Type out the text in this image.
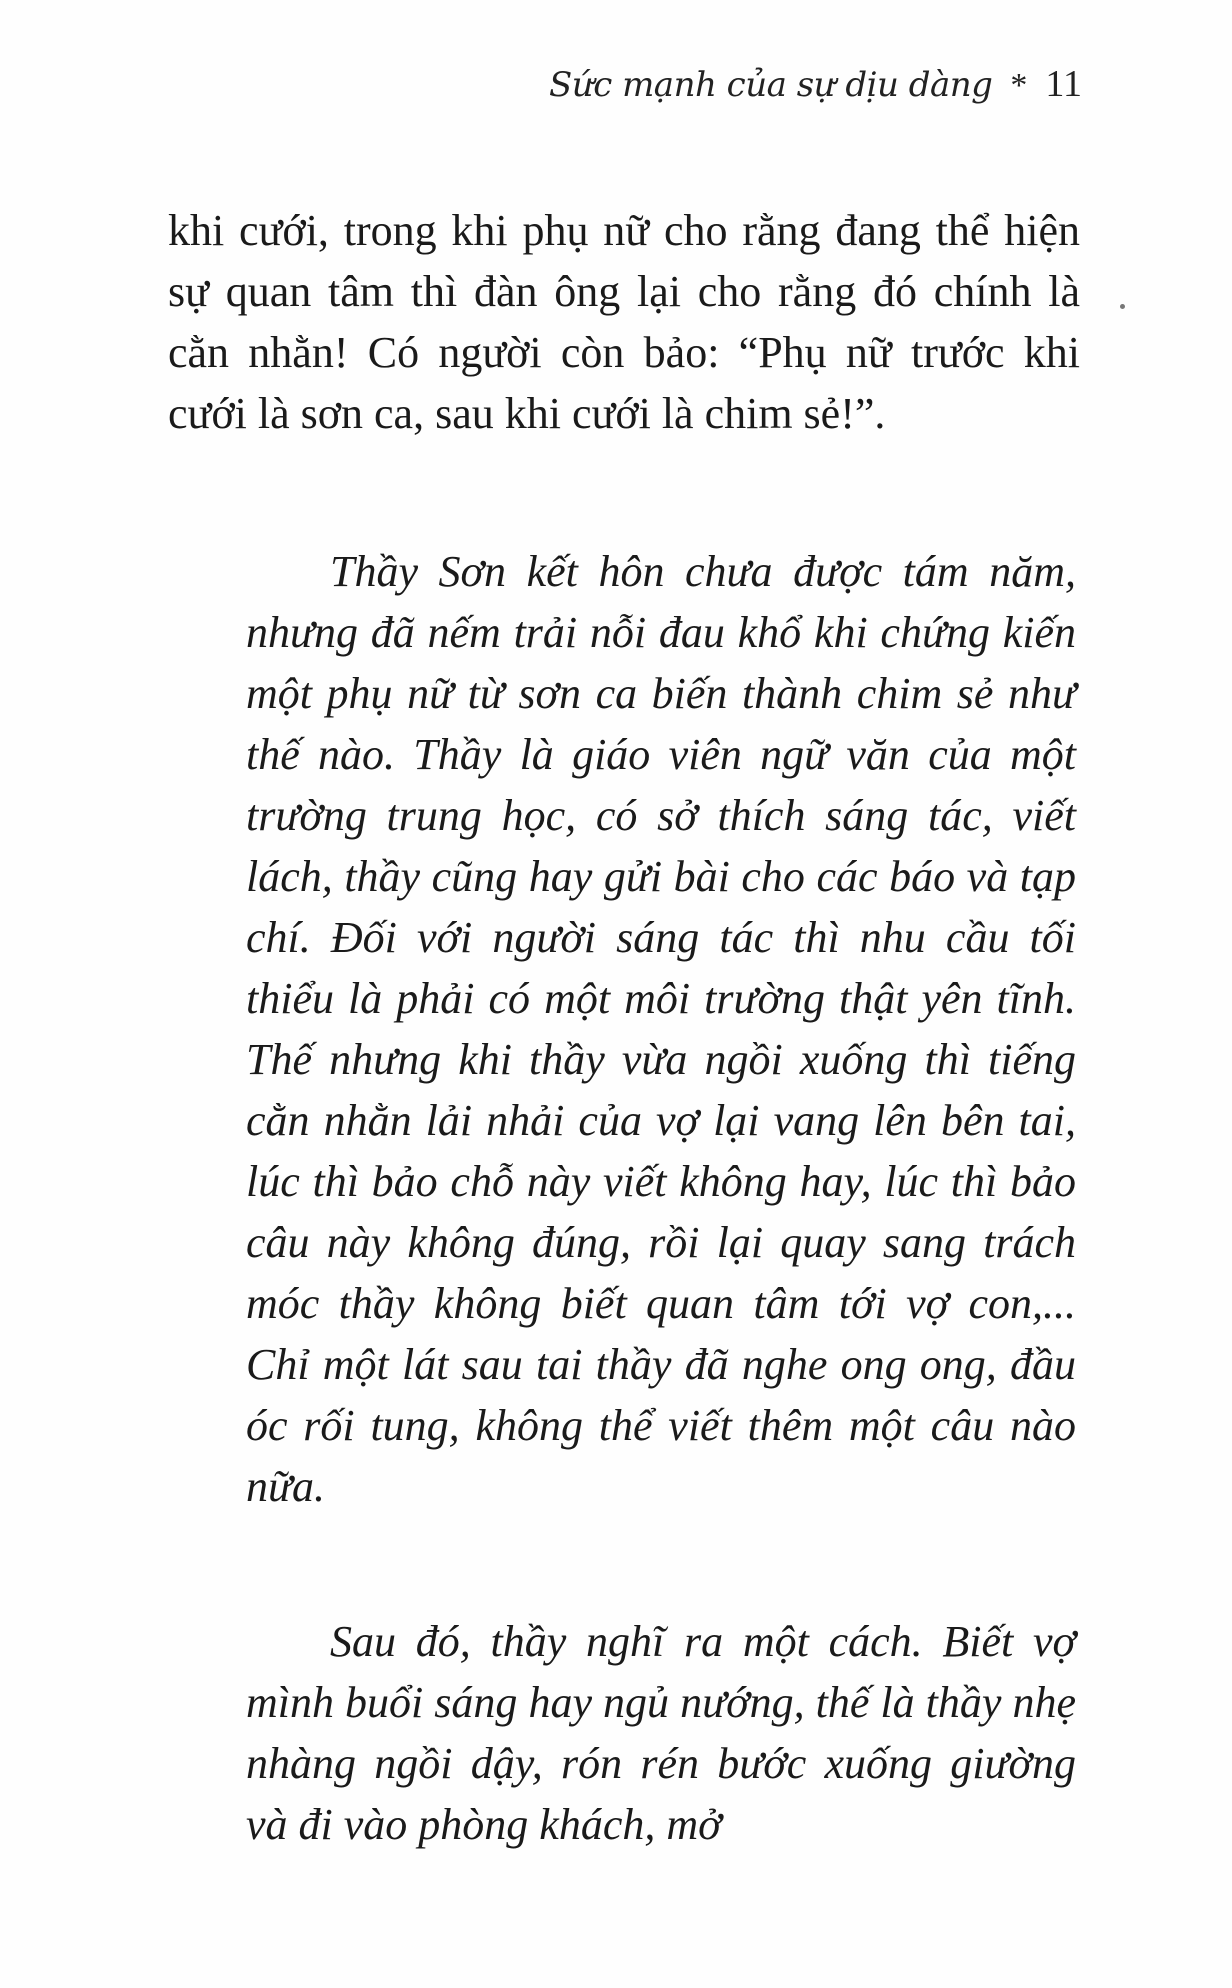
Sức mạnh của sự dịu dàng * 11

khi cưới, trong khi phụ nữ cho rằng đang thể hiện sự quan tâm thì đàn ông lại cho rằng đó chính là cằn nhằn! Có người còn bảo: “Phụ nữ trước khi cưới là sơn ca, sau khi cưới là chim sẻ!”.

Thầy Sơn kết hôn chưa được tám năm, nhưng đã nếm trải nỗi đau khổ khi chứng kiến một phụ nữ từ sơn ca biến thành chim sẻ như thế nào. Thầy là giáo viên ngữ văn của một trường trung học, có sở thích sáng tác, viết lách, thầy cũng hay gửi bài cho các báo và tạp chí. Đối với người sáng tác thì nhu cầu tối thiểu là phải có một môi trường thật yên tĩnh. Thế nhưng khi thầy vừa ngồi xuống thì tiếng cằn nhằn lải nhải của vợ lại vang lên bên tai, lúc thì bảo chỗ này viết không hay, lúc thì bảo câu này không đúng, rồi lại quay sang trách móc thầy không biết quan tâm tới vợ con,... Chỉ một lát sau tai thầy đã nghe ong ong, đầu óc rối tung, không thể viết thêm một câu nào nữa.

Sau đó, thầy nghĩ ra một cách. Biết vợ mình buổi sáng hay ngủ nướng, thế là thầy nhẹ nhàng ngồi dậy, rón rén bước xuống giường và đi vào phòng khách, mở
